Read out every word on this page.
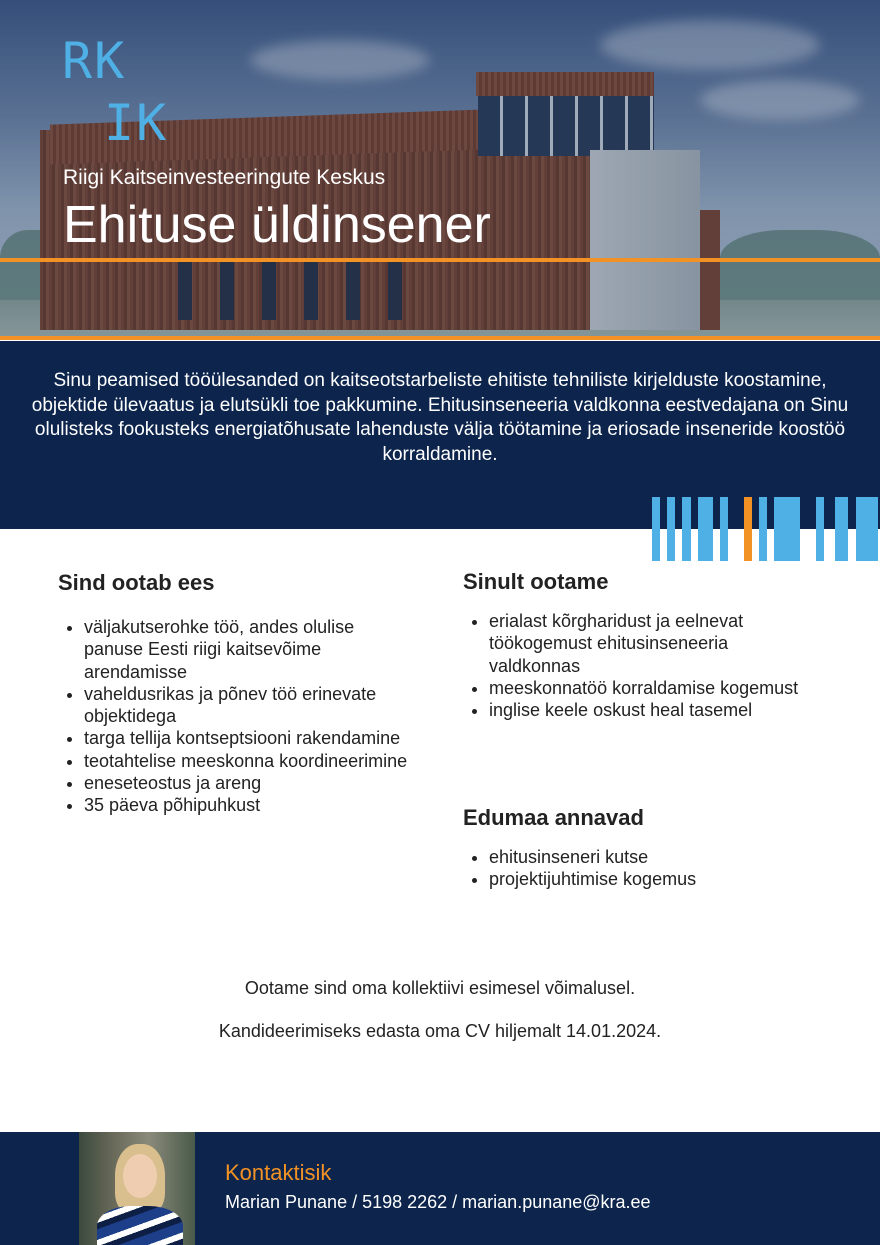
RK
IK
Riigi Kaitseinvesteeringute Keskus
Ehituse üldinsener

Sinu peamised tööülesanded on kaitseotstarbeliste ehitiste tehniliste kirjelduste koostamine, objektide ülevaatus ja elutsükli toe pakkumine. Ehitusinseneeria valdkonna eestvedajana on Sinu olulisteks fookusteks energiatõhusate lahenduste välja töötamine ja eriosade inseneride koostöö korraldamine.

Sind ootab ees
• väljakutserohke töö, andes olulise panuse Eesti riigi kaitsevõime arendamisse
• vaheldusrikas ja põnev töö erinevate objektidega
• targa tellija kontseptsiooni rakendamine
• teotahtelise meeskonna koordineerimine
• eneseteostus ja areng
• 35 päeva põhipuhkust
Sinult ootame
• erialast kõrgharidust ja eelnevat töökogemust ehitusinseneeria valdkonnas
• meeskonnatöö korraldamise kogemust
• inglise keele oskust heal tasemel
Edumaa annavad
• ehitusinseneri kutse
• projektijuhtimise kogemus
Ootame sind oma kollektiivi esimesel võimalusel.
Kandideerimiseks edasta oma CV hiljemalt 14.01.2024.
Kontaktisik
Marian Punane / 5198 2262 / marian.punane@kra.ee
